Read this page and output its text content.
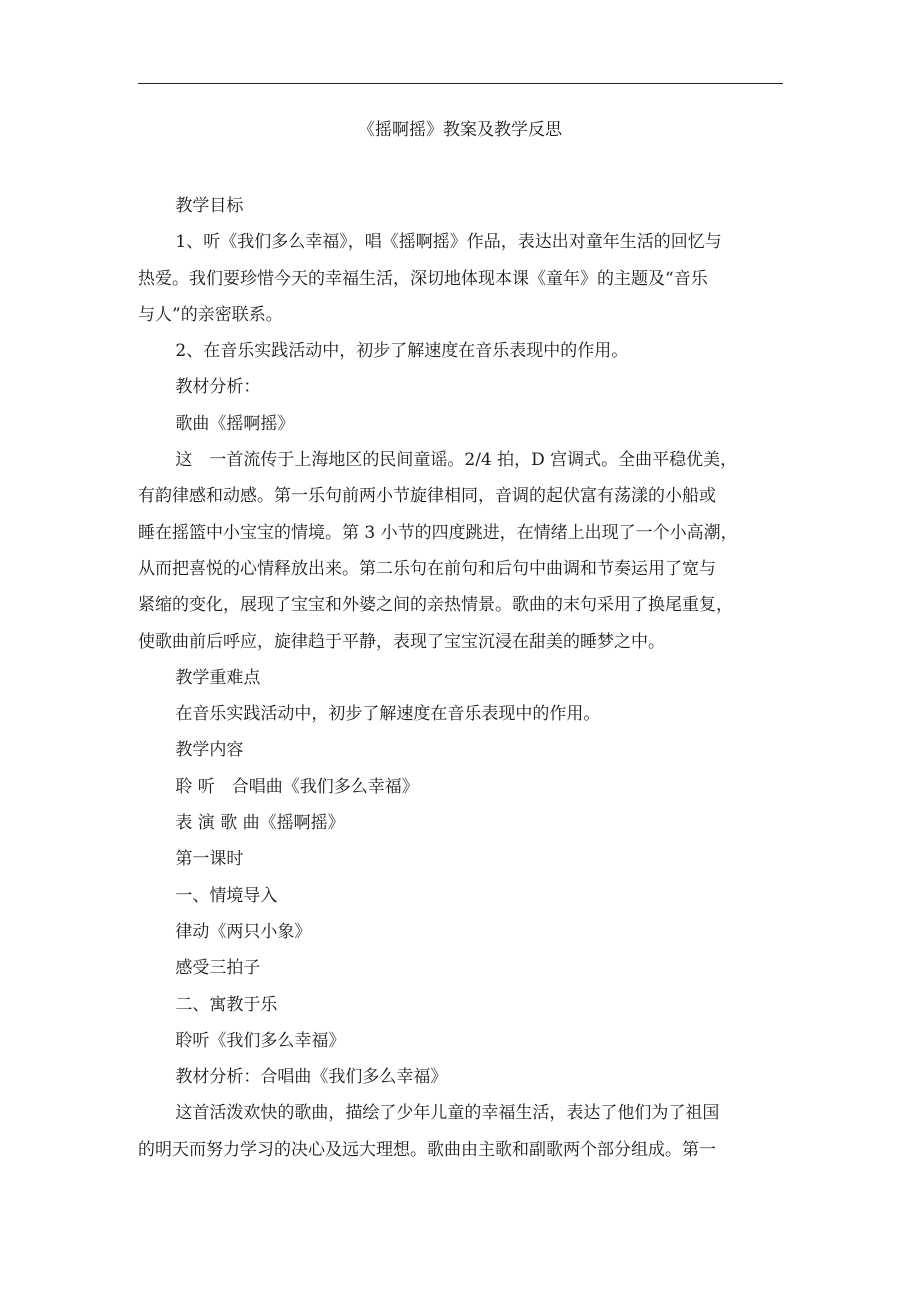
《摇啊摇》教案及教学反思

教学目标

1、听《我们多么幸福》，唱《摇啊摇》作品，表达出对童年生活的回忆与
热爱。我们要珍惜今天的幸福生活，深切地体现本课《童年》的主题及“音乐
与人”的亲密联系。

2、在音乐实践活动中，初步了解速度在音乐表现中的作用。

教材分析：

歌曲《摇啊摇》

这　一首流传于上海地区的民间童谣。2/4 拍，D 宫调式。全曲平稳优美，
有韵律感和动感。第一乐句前两小节旋律相同，音调的起伏富有荡漾的小船或
睡在摇篮中小宝宝的情境。第 3 小节的四度跳进，在情绪上出现了一个小高潮，
从而把喜悦的心情释放出来。第二乐句在前句和后句中曲调和节奏运用了宽与
紧缩的变化，展现了宝宝和外婆之间的亲热情景。歌曲的末句采用了换尾重复，
使歌曲前后呼应，旋律趋于平静，表现了宝宝沉浸在甜美的睡梦之中。

教学重难点

在音乐实践活动中，初步了解速度在音乐表现中的作用。

教学内容

聆 听　合唱曲《我们多么幸福》

表 演 歌 曲《摇啊摇》

第一课时

一、情境导入

律动《两只小象》

感受三拍子

二、寓教于乐

聆听《我们多么幸福》

教材分析：合唱曲《我们多么幸福》

这首活泼欢快的歌曲，描绘了少年儿童的幸福生活，表达了他们为了祖国
的明天而努力学习的决心及远大理想。歌曲由主歌和副歌两个部分组成。第一
